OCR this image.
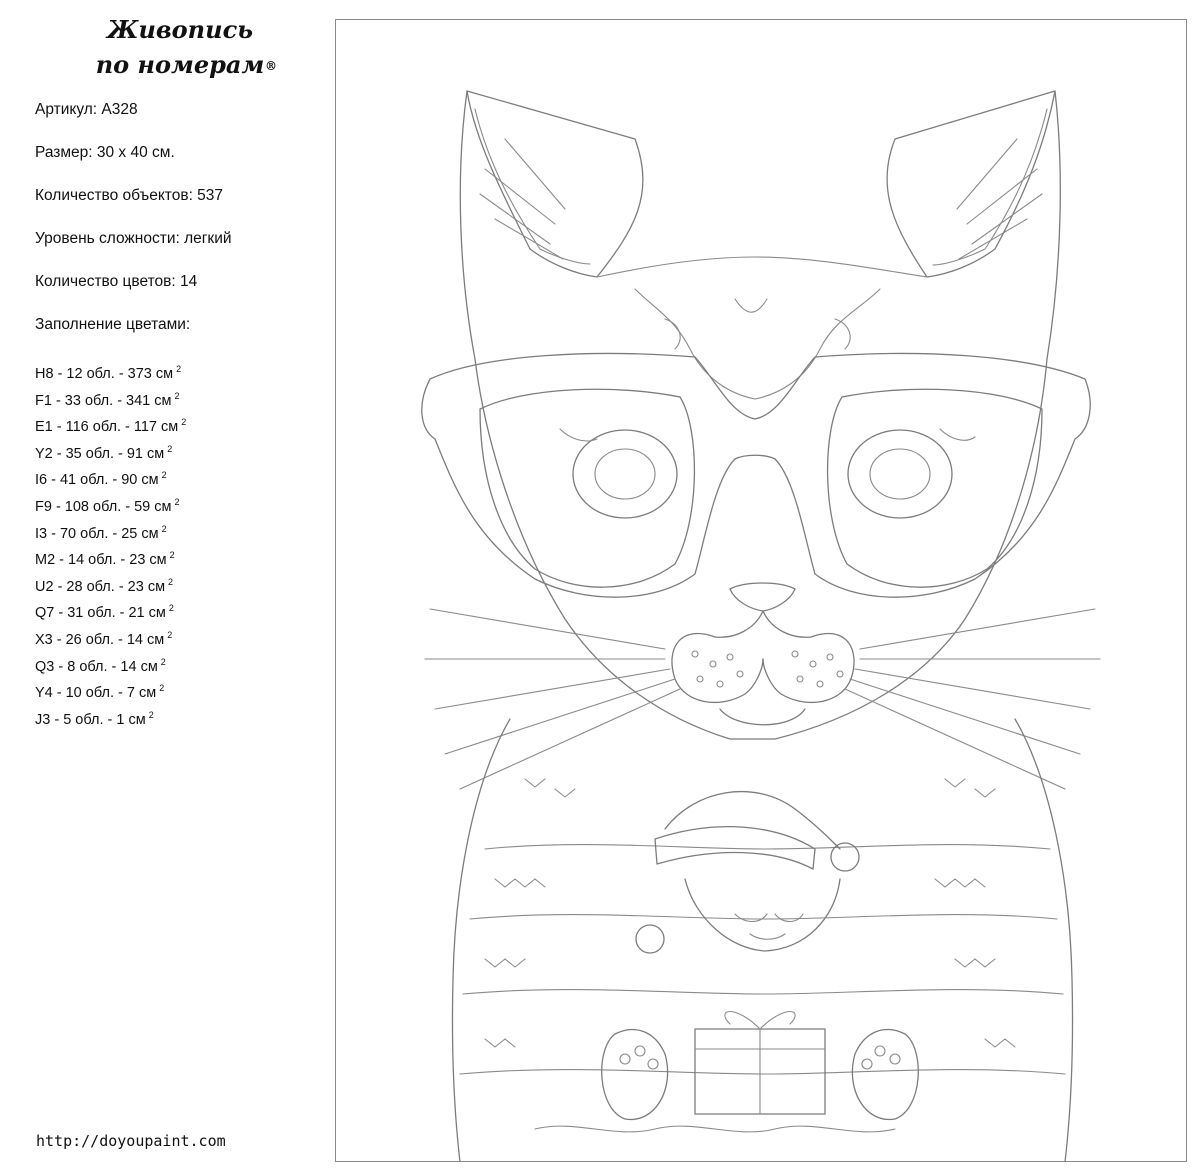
Живопись
по номерам ®
Артикул: A328
Размер: 30 x 40 см.
Количество объектов: 537
Уровень сложности: легкий
Количество цветов: 14
Заполнение цветами:
H8 - 12 обл. - 373 см $^2$
F1 - 33 обл. - 341 см $^2$
E1 - 116 обл. - 117 см $^2$
Y2 - 35 обл. - 91 см $^2$
I6 - 41 обл. - 90 см $^2$
F9 - 108 обл. - 59 см $^2$
I3 - 70 обл. - 25 см $^2$
M2 - 14 обл. - 23 см $^2$
U2 - 28 обл. - 23 см $^2$
Q7 - 31 обл. - 21 см $^2$
X3 - 26 обл. - 14 см $^2$
Q3 - 8 обл. - 14 см $^2$
Y4 - 10 обл. - 7 см $^2$
J3 - 5 обл. - 1 см $^2$
http://doyoupaint.com
